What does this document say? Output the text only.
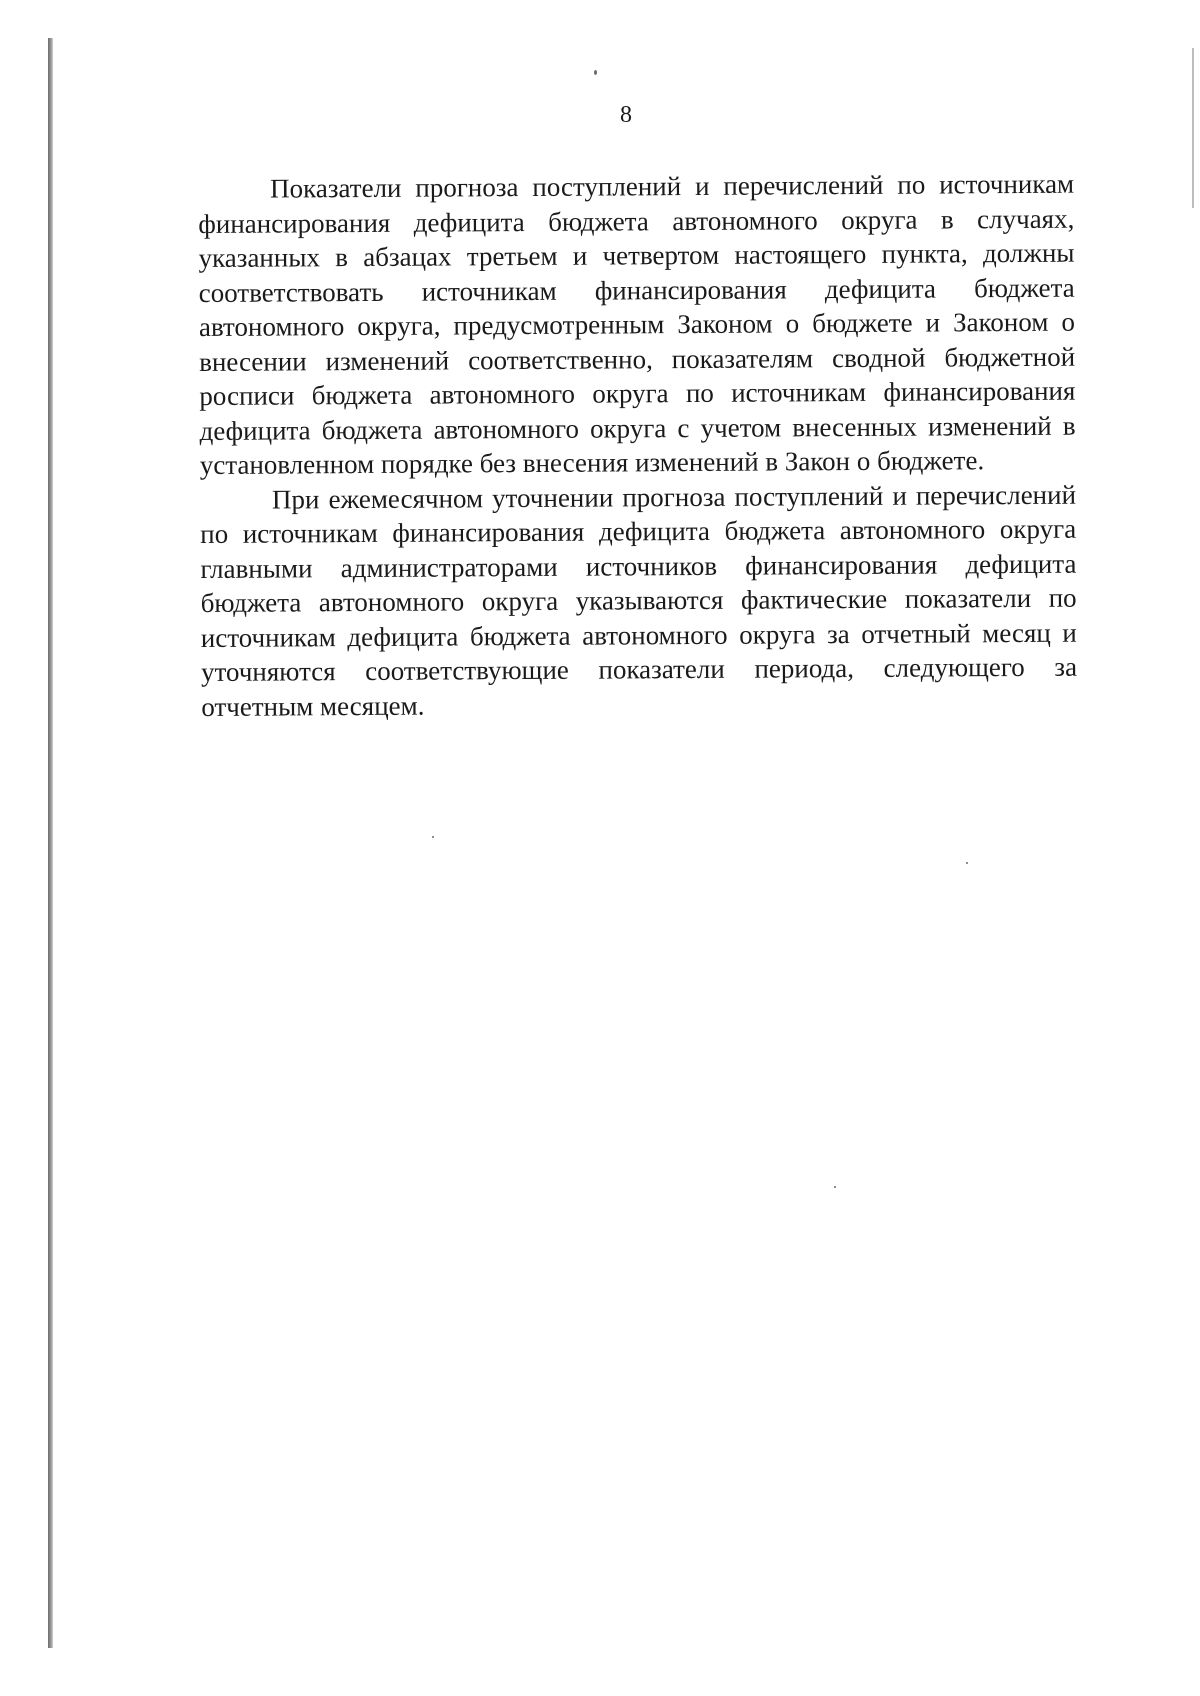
8

Показатели прогноза поступлений и перечислений по источникам финансирования дефицита бюджета автономного округа в случаях, указанных в абзацах третьем и четвертом настоящего пункта, должны соответствовать источникам финансирования дефицита бюджета автономного округа, предусмотренным Законом о бюджете и Законом о внесении изменений соответственно, показателям сводной бюджетной росписи бюджета автономного округа по источникам финансирования дефицита бюджета автономного округа с учетом внесенных изменений в установленном порядке без внесения изменений в Закон о бюджете.

При ежемесячном уточнении прогноза поступлений и перечислений по источникам финансирования дефицита бюджета автономного округа главными администраторами источников финансирования дефицита бюджета автономного округа указываются фактические показатели по источникам дефицита бюджета автономного округа за отчетный месяц и уточняются соответствующие показатели периода, следующего за отчетным месяцем.
